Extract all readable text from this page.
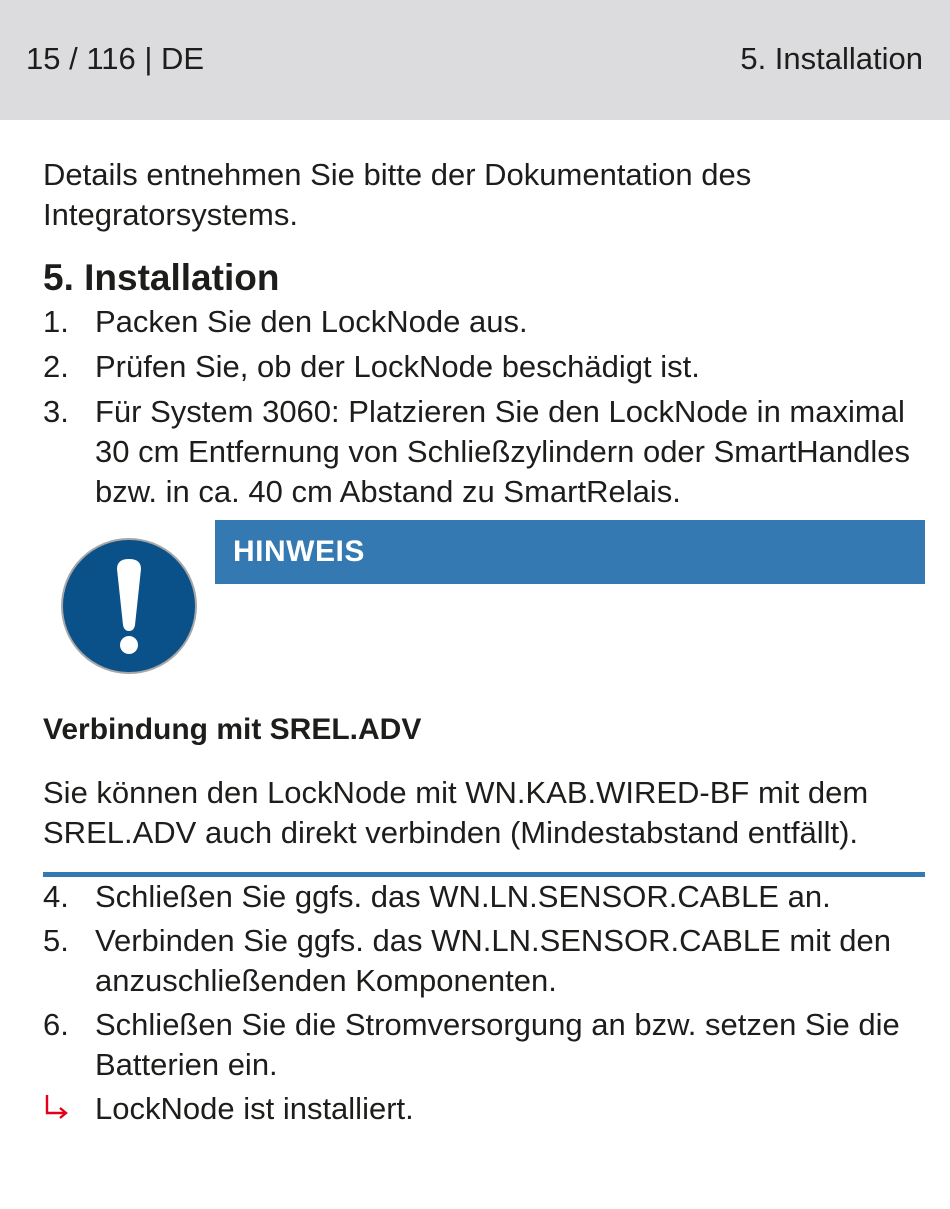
15 / 116 | DE	5. Installation

Details entnehmen Sie bitte der Dokumentation des Integratorsystems.

5. Installation
1. Packen Sie den LockNode aus.
2. Prüfen Sie, ob der LockNode beschädigt ist.
3. Für System 3060: Platzieren Sie den LockNode in maximal 30 cm Entfernung von Schließzylindern oder SmartHandles bzw. in ca. 40 cm Abstand zu SmartRelais.
HINWEIS
Verbindung mit SREL.ADV

Sie können den LockNode mit WN.KAB.WIRED-BF mit dem SREL.ADV auch direkt verbinden (Mindestabstand entfällt).

4. Schließen Sie ggfs. das WN.LN.SENSOR.CABLE an.
5. Verbinden Sie ggfs. das WN.LN.SENSOR.CABLE mit den anzuschließenden Komponenten.
6. Schließen Sie die Stromversorgung an bzw. setzen Sie die Batterien ein.
LockNode ist installiert.
